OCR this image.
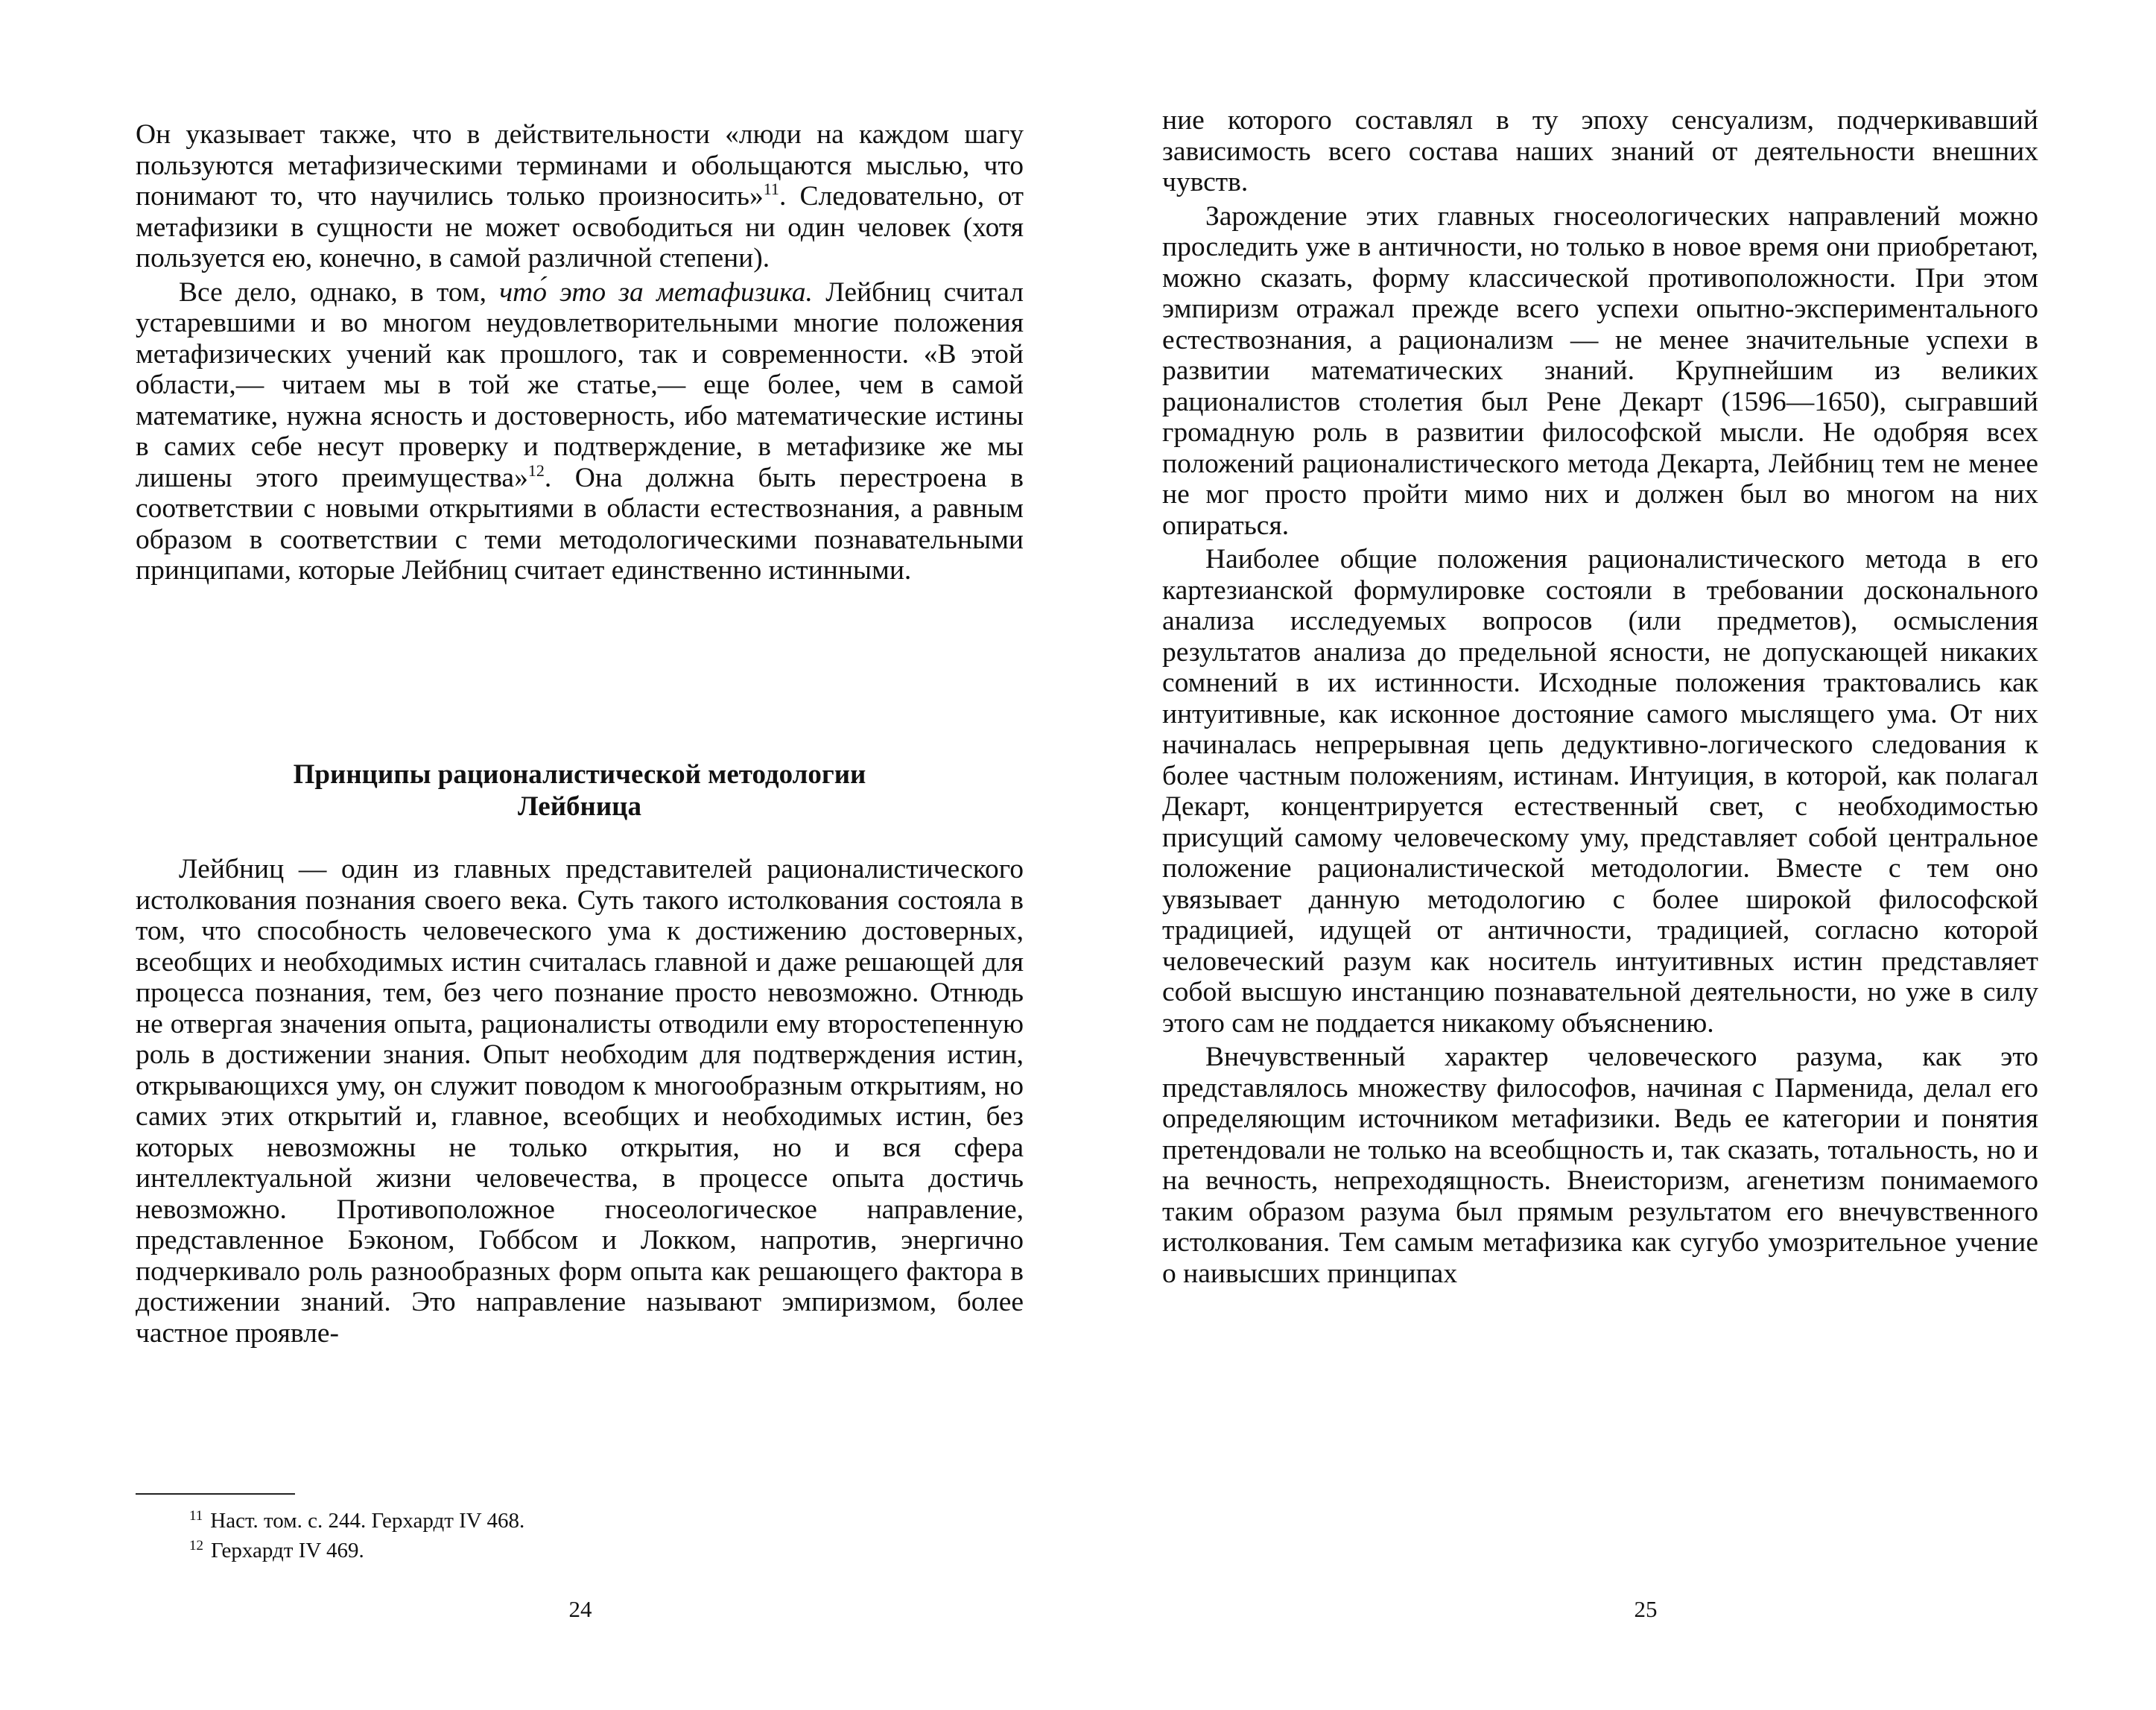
Он указывает также, что в действительности «люди на каждом шагу пользуются метафизическими терминами и обольщаются мыслью, что понимают то, что научились только произносить»$^{11}$. Следовательно, от метафизики в сущности не может освободиться ни один человек (хотя пользуется ею, конечно, в самой различной степени).

Все дело, однако, в том, что́ это за метафизика. Лейбниц считал устаревшими и во многом неудовлетворительными многие положения метафизических учений как прошлого, так и современности. «В этой области,— читаем мы в той же статье,— еще более, чем в самой математике, нужна ясность и достоверность, ибо математические истины в самих себе несут проверку и подтверждение, в метафизике же мы лишены этого преимущества»$^{12}$. Она должна быть перестроена в соответствии с новыми открытиями в области естествознания, а равным образом в соответствии с теми методологическими познавательными принципами, которые Лейбниц считает единственно истинными.

Принципы рационалистической методологии
Лейбница

Лейбниц — один из главных представителей рационалистического истолкования познания своего века. Суть такого истолкования состояла в том, что способность человеческого ума к достижению достоверных, всеобщих и необходимых истин считалась главной и даже решающей для процесса познания, тем, без чего познание просто невозможно. Отнюдь не отвергая значения опыта, рационалисты отводили ему второстепенную роль в достижении знания. Опыт необходим для подтверждения истин, открывающихся уму, он служит поводом к многообразным открытиям, но самих этих открытий и, главное, всеобщих и необходимых истин, без которых невозможны не только открытия, но и вся сфера интеллектуальной жизни человечества, в процессе опыта достичь невозможно. Противоположное гносеологическое направление, представленное Бэконом, Гоббсом и Локком, напротив, энергично подчеркивало роль разнообразных форм опыта как решающего фактора в достижении знаний. Это направление называют эмпиризмом, более частное проявле-

$^{11}$ Наст. том. с. 244. Герхардт IV 468.
$^{12}$ Герхардт IV 469.
24

ние которого составлял в ту эпоху сенсуализм, подчеркивавший зависимость всего состава наших знаний от деятельности внешних чувств.

Зарождение этих главных гносеологических направлений можно проследить уже в античности, но только в новое время они приобретают, можно сказать, форму классической противоположности. При этом эмпиризм отражал прежде всего успехи опытно-экспериментального естествознания, а рационализм — не менее значительные успехи в развитии математических знаний. Крупнейшим из великих рационалистов столетия был Рене Декарт (1596—1650), сыгравший громадную роль в развитии философской мысли. Не одобряя всех положений рационалистического метода Декарта, Лейбниц тем не менее не мог просто пройти мимо них и должен был во многом на них опираться.

Наиболее общие положения рационалистического метода в его картезианской формулировке состояли в требовании доскональноro анализа исследуемых вопросов (или предметов), осмысления результатов анализа до предельной ясности, не допускающей никаких сомнений в их истинности. Исходные положения трактовались как интуитивные, как исконное достояние самого мыслящего ума. От них начиналась непрерывная цепь дедуктивно-логического следования к более частным положениям, истинам. Интуиция, в которой, как полагал Декарт, концентрируется естественный свет, с необходимостью присущий самому человеческому уму, представляет собой центральное положение рационалистической методологии. Вместе с тем оно увязывает данную методологию с более широкой философской традицией, идущей от античности, традицией, согласно которой человеческий разум как носитель интуитивных истин представляет собой высшую инстанцию познавательной деятельности, но уже в силу этого сам не поддается никакому объяснению.

Внечувственный характер человеческого разума, как это представлялось множеству философов, начиная с Парменида, делал его определяющим источником метафизики. Ведь ее категории и понятия претендовали не только на всеобщность и, так сказать, тотальность, но и на вечность, непреходящность. Внеисторизм, агенетизм понимаемого таким образом разума был прямым результатом его внечувственного истолкования. Тем самым метафизика как сугубо умозрительное учение о наивысших принципах

25
